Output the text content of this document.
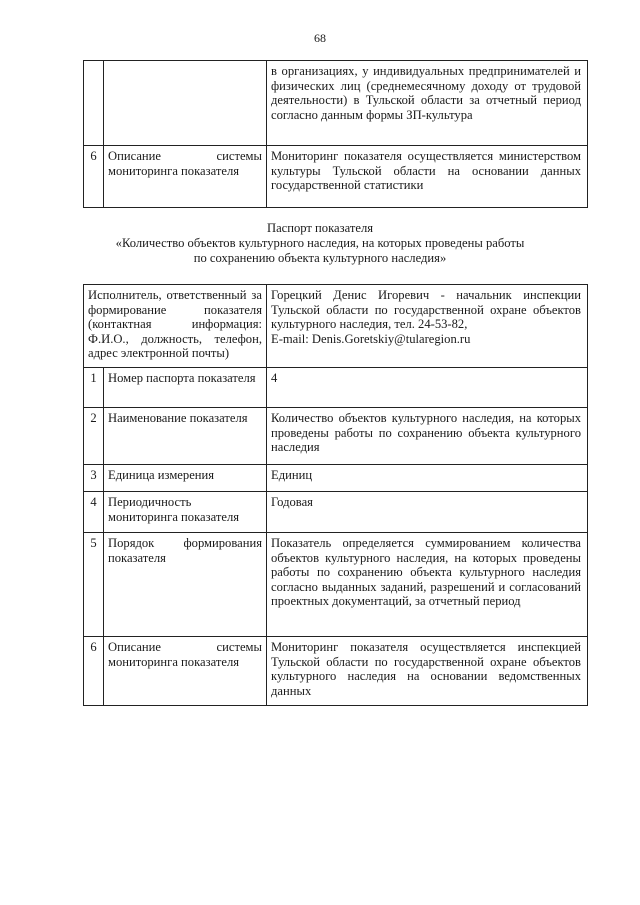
68
		в организациях, у индивидуальных предпринимателей и физических лиц (среднемесячному доходу от трудовой деятельности) в Тульской области за отчетный период согласно данным формы ЗП-культура
6	Описание системы мониторинга показателя	Мониторинг показателя осуществляется министерством культуры Тульской области на основании данных государственной статистики
Паспорт показателя
«Количество объектов культурного наследия, на которых проведены работы
по сохранению объекта культурного наследия»
Исполнитель, ответственный за формирование показателя (контактная информация: Ф.И.О., должность, телефон, адрес электронной почты)		Горецкий Денис Игоревич - начальник инспекции Тульской области по государственной охране объектов культурного наследия, тел. 24-53-82,
E-mail: Denis.Goretskiy@tularegion.ru
1	Номер паспорта показателя	4
2	Наименование показателя	Количество объектов культурного наследия, на которых проведены работы по сохранению объекта культурного наследия
3	Единица измерения	Единиц
4	Периодичность мониторинга показателя	Годовая
5	Порядок формирования показателя	Показатель определяется суммированием количества объектов культурного наследия, на которых проведены работы по сохранению объекта культурного наследия согласно выданных заданий, разрешений и согласований проектных документаций, за отчетный период
6	Описание системы мониторинга показателя	Мониторинг показателя осуществляется инспекцией Тульской области по государственной охране объектов культурного наследия на основании ведомственных данных
